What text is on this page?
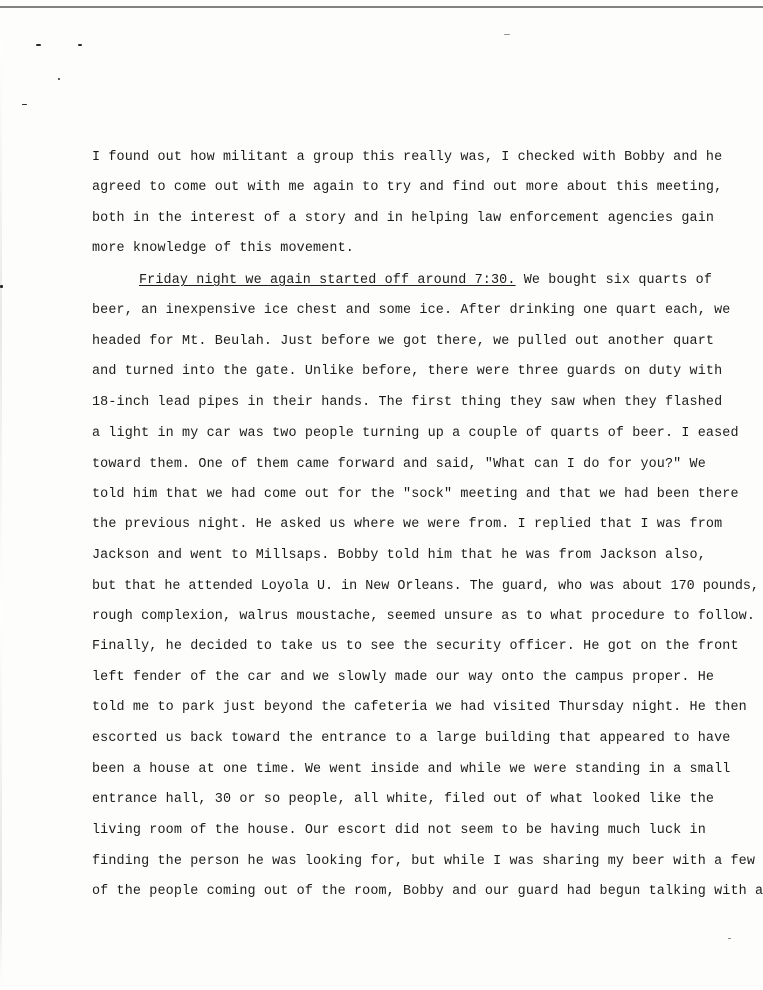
I found out how militant a group this really was, I checked with Bobby and he

agreed to come out with me again to try and find out more about this meeting,

both in the interest of a story and in helping law enforcement agencies gain

more knowledge of this movement.

Friday night we again started off around 7:30. We bought six quarts of

beer, an inexpensive ice chest and some ice. After drinking one quart each, we

headed for Mt. Beulah. Just before we got there, we pulled out another quart

and turned into the gate. Unlike before, there were three guards on duty with

18-inch lead pipes in their hands. The first thing they saw when they flashed

a light in my car was two people turning up a couple of quarts of beer. I eased

toward them. One of them came forward and said, "What can I do for you?" We

told him that we had come out for the "sock" meeting and that we had been there

the previous night. He asked us where we were from. I replied that I was from

Jackson and went to Millsaps. Bobby told him that he was from Jackson also,

but that he attended Loyola U. in New Orleans. The guard, who was about 170 pounds,

rough complexion, walrus moustache, seemed unsure as to what procedure to follow.

Finally, he decided to take us to see the security officer. He got on the front

left fender of the car and we slowly made our way onto the campus proper. He

told me to park just beyond the cafeteria we had visited Thursday night. He then

escorted us back toward the entrance to a large building that appeared to have

been a house at one time. We went inside and while we were standing in a small

entrance hall, 30 or so people, all white, filed out of what looked like the

living room of the house. Our escort did not seem to be having much luck in

finding the person he was looking for, but while I was sharing my beer with a few

of the people coming out of the room, Bobby and our guard had begun talking with a
